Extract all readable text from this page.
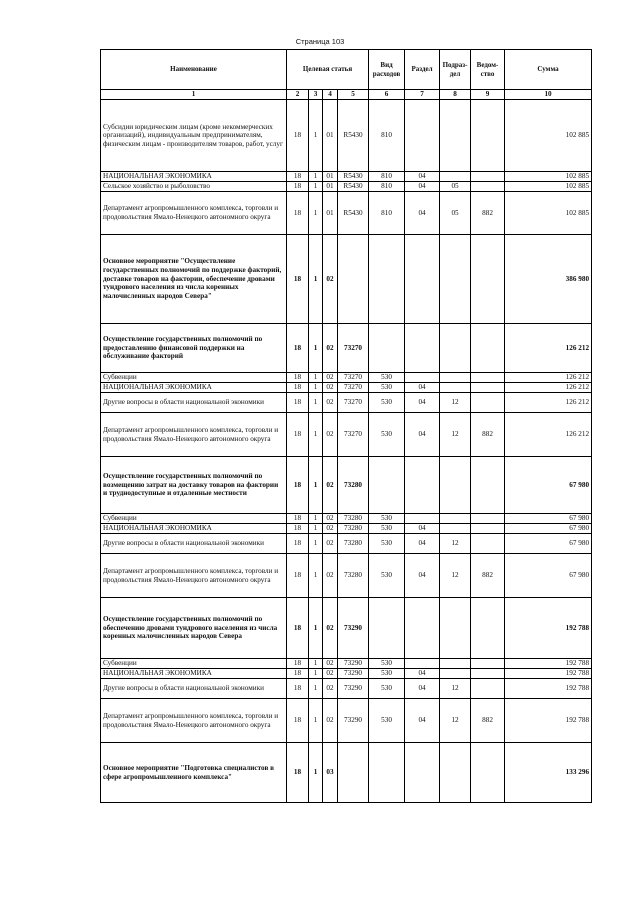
Страница 103
Наименование	Целевая статья				Вид расходов	Раздел	Подраз-дел	Ведом-ство	Сумма
1	2	3	4	5	6	7	8	9	10
Субсидии юридическим лицам (кроме некоммерческих организаций), индивидуальным предпринимателям, физическим лицам - производителям товаров, работ, услуг	18	1	01	R5430	810				102 885
НАЦИОНАЛЬНАЯ ЭКОНОМИКА	18	1	01	R5430	810	04			102 885
Сельское хозяйство и рыболовство	18	1	01	R5430	810	04	05		102 885
Департамент агропромышленного комплекса, торговли и продовольствия Ямало-Ненецкого автономного округа	18	1	01	R5430	810	04	05	882	102 885
Основное мероприятие "Осуществление государственных полномочий по поддержке факторий, доставке товаров на фактории, обеспечение дровами тундрового населения из числа коренных малочисленных народов Севера"	18	1	02						386 980
Осуществление государственных полномочий по предоставлению финансовой поддержки на обслуживание факторий	18	1	02	73270					126 212
Субвенции	18	1	02	73270	530				126 212
НАЦИОНАЛЬНАЯ ЭКОНОМИКА	18	1	02	73270	530	04			126 212
Другие вопросы в области национальной экономики	18	1	02	73270	530	04	12		126 212
Департамент агропромышленного комплекса, торговли и продовольствия Ямало-Ненецкого автономного округа	18	1	02	73270	530	04	12	882	126 212
Осуществление государственных полномочий по возмещению затрат на доставку товаров на фактории и труднодоступные и отдаленные местности	18	1	02	73280					67 980
Субвенции	18	1	02	73280	530				67 980
НАЦИОНАЛЬНАЯ ЭКОНОМИКА	18	1	02	73280	530	04			67 980
Другие вопросы в области национальной экономики	18	1	02	73280	530	04	12		67 980
Департамент агропромышленного комплекса, торговли и продовольствия Ямало-Ненецкого автономного округа	18	1	02	73280	530	04	12	882	67 980
Осуществление государственных полномочий по обеспечению дровами тундрового населения из числа коренных малочисленных народов Севера	18	1	02	73290					192 788
Субвенции	18	1	02	73290	530				192 788
НАЦИОНАЛЬНАЯ ЭКОНОМИКА	18	1	02	73290	530	04			192 788
Другие вопросы в области национальной экономики	18	1	02	73290	530	04	12		192 788
Департамент агропромышленного комплекса, торговли и продовольствия Ямало-Ненецкого автономного округа	18	1	02	73290	530	04	12	882	192 788
Основное мероприятие "Подготовка специалистов в сфере агропромышленного комплекса"	18	1	03						133 296
